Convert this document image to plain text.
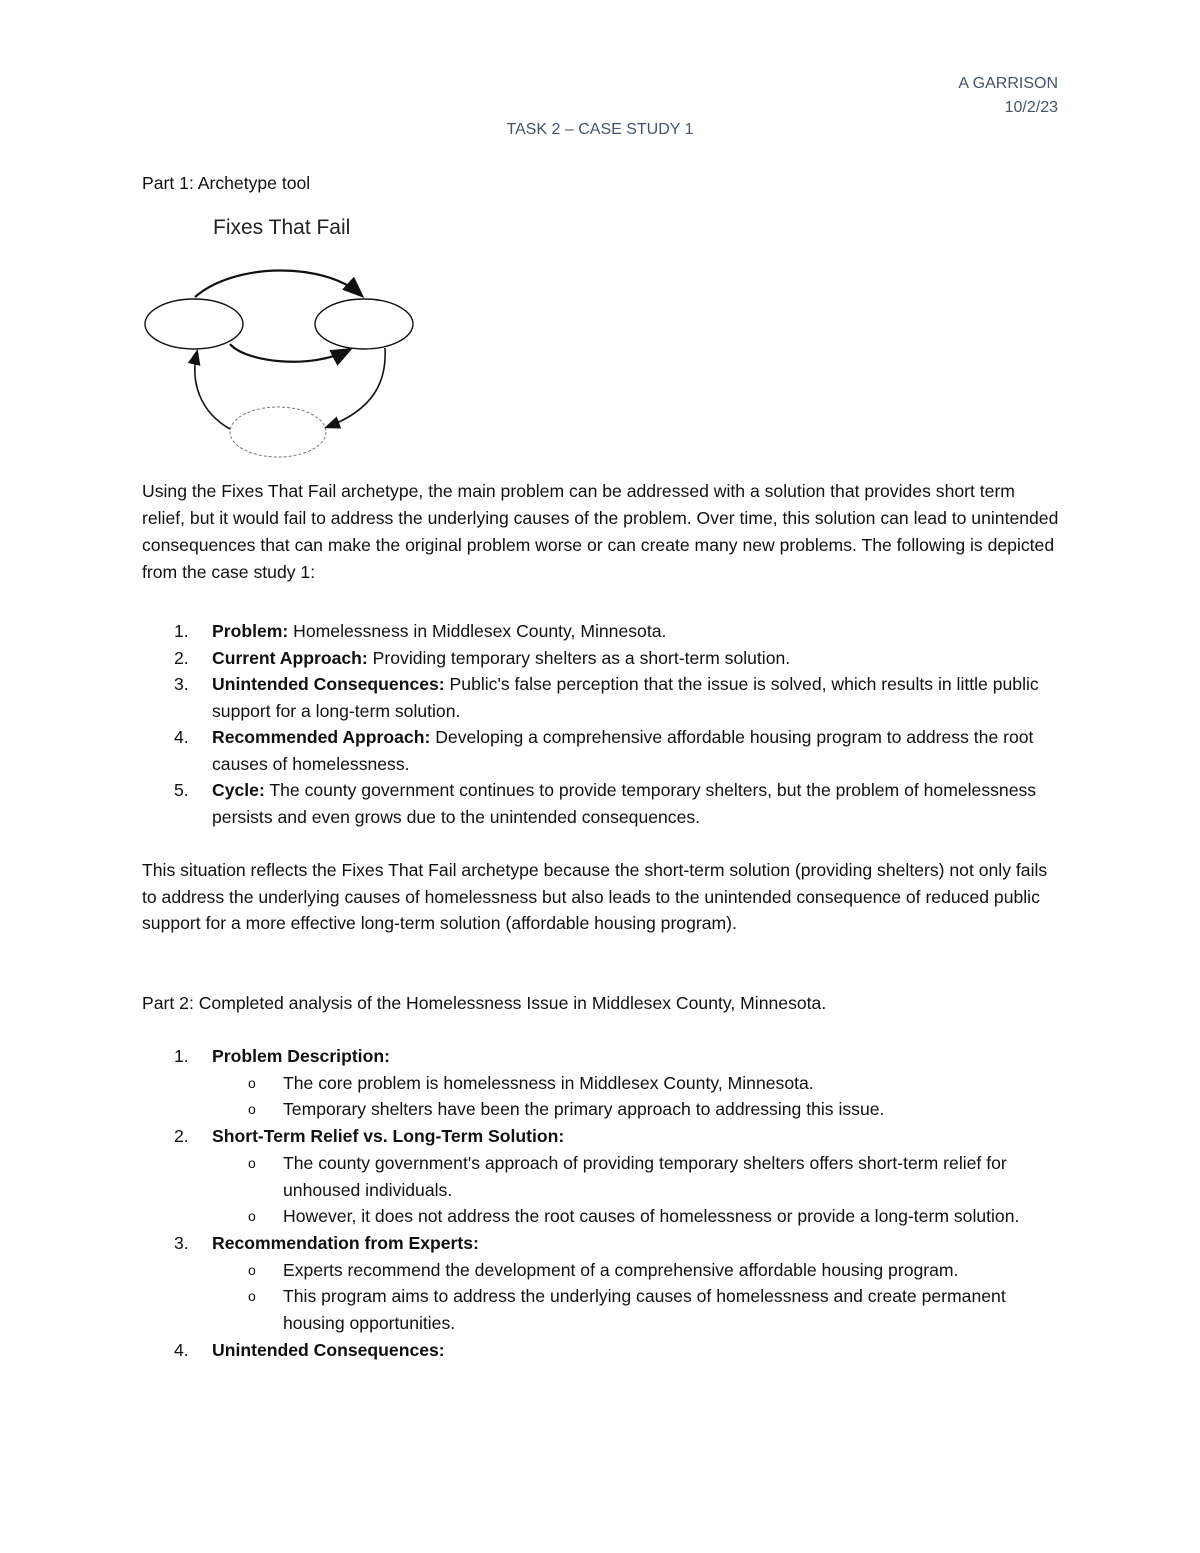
A GARRISON
10/2/23
TASK 2 – CASE STUDY 1
Part 1: Archetype tool
Fixes That Fail
Using the Fixes That Fail archetype, the main problem can be addressed with a solution that provides short term relief, but it would fail to address the underlying causes of the problem. Over time, this solution can lead to unintended consequences that can make the original problem worse or can create many new problems. The following is depicted from the case study 1:
1. Problem: Homelessness in Middlesex County, Minnesota.
2. Current Approach: Providing temporary shelters as a short-term solution.
3. Unintended Consequences: Public's false perception that the issue is solved, which results in little public support for a long-term solution.
4. Recommended Approach: Developing a comprehensive affordable housing program to address the root causes of homelessness.
5. Cycle: The county government continues to provide temporary shelters, but the problem of homelessness persists and even grows due to the unintended consequences.
This situation reflects the Fixes That Fail archetype because the short-term solution (providing shelters) not only fails to address the underlying causes of homelessness but also leads to the unintended consequence of reduced public support for a more effective long-term solution (affordable housing program).
Part 2: Completed analysis of the Homelessness Issue in Middlesex County, Minnesota.
1. Problem Description:
o The core problem is homelessness in Middlesex County, Minnesota.
o Temporary shelters have been the primary approach to addressing this issue.
2. Short-Term Relief vs. Long-Term Solution:
o The county government's approach of providing temporary shelters offers short-term relief for unhoused individuals.
o However, it does not address the root causes of homelessness or provide a long-term solution.
3. Recommendation from Experts:
o Experts recommend the development of a comprehensive affordable housing program.
o This program aims to address the underlying causes of homelessness and create permanent housing opportunities.
4. Unintended Consequences:
